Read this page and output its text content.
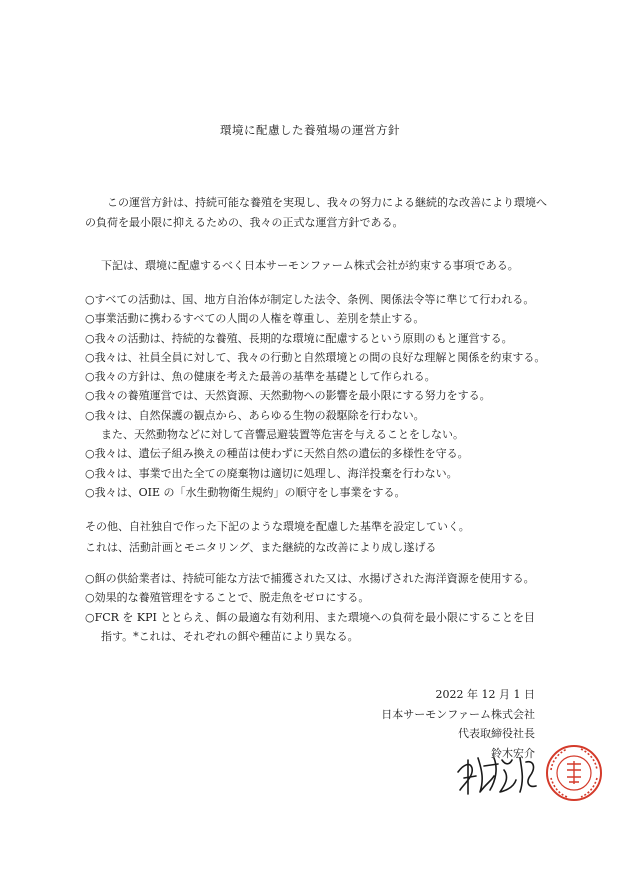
環境に配慮した養殖場の運営方針

この運営方針は、持続可能な養殖を実現し、我々の努力による継続的な改善により環境への負荷を最小限に抑えるための、我々の正式な運営方針である。

下記は、環境に配慮するべく日本サーモンファーム株式会社が約束する事項である。

○すべての活動は、国、地方自治体が制定した法令、条例、関係法令等に準じて行われる。
○事業活動に携わるすべての人間の人権を尊重し、差別を禁止する。
○我々の活動は、持続的な養殖、長期的な環境に配慮するという原則のもと運営する。
○我々は、社員全員に対して、我々の行動と自然環境との間の良好な理解と関係を約束する。
○我々の方針は、魚の健康を考えた最善の基準を基礎として作られる。
○我々の養殖運営では、天然資源、天然動物への影響を最小限にする努力をする。
○我々は、自然保護の観点から、あらゆる生物の殺駆除を行わない。
また、天然動物などに対して音響忌避装置等危害を与えることをしない。
○我々は、遺伝子組み換えの種苗は使わずに天然自然の遺伝的多様性を守る。
○我々は、事業で出た全ての廃棄物は適切に処理し、海洋投棄を行わない。
○我々は、OIE の「水生動物衛生規約」の順守をし事業をする。
その他、自社独自で作った下記のような環境を配慮した基準を設定していく。
これは、活動計画とモニタリング、また継続的な改善により成し遂げる
○餌の供給業者は、持続可能な方法で捕獲された又は、水揚げされた海洋資源を使用する。
○効果的な養殖管理をすることで、脱走魚をゼロにする。
○FCR を KPI ととらえ、餌の最適な有効利用、また環境への負荷を最小限にすることを目
指す。*これは、それぞれの餌や種苗により異なる。
2022 年 12 月 1 日
日本サーモンファーム株式会社
代表取締役社長
鈴木宏介
